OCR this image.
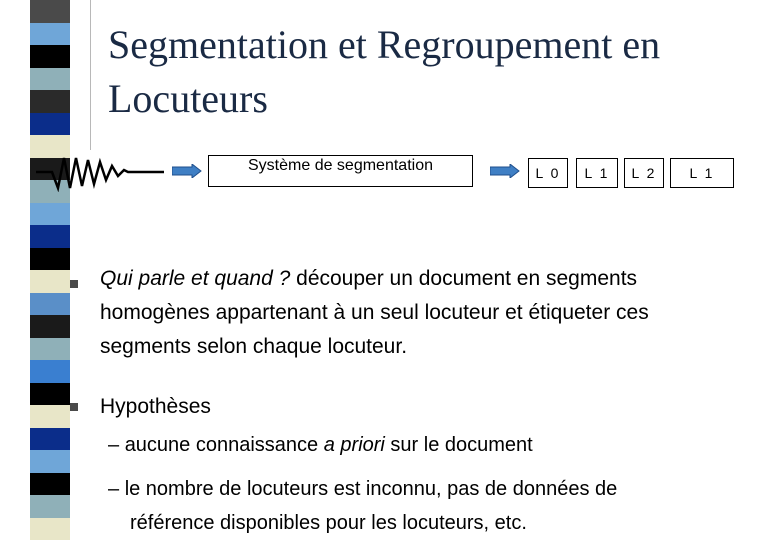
Segmentation et Regroupement en Locuteurs
Système de segmentation	L 0	L 1	L 2	L 1
Qui parle et quand ? découper un document en segments homogènes appartenant à un seul locuteur et étiqueter ces segments selon chaque locuteur.
Hypothèses
– aucune connaissance a priori sur le document
– le nombre de locuteurs est inconnu, pas de données de
référence disponibles pour les locuteurs, etc.
